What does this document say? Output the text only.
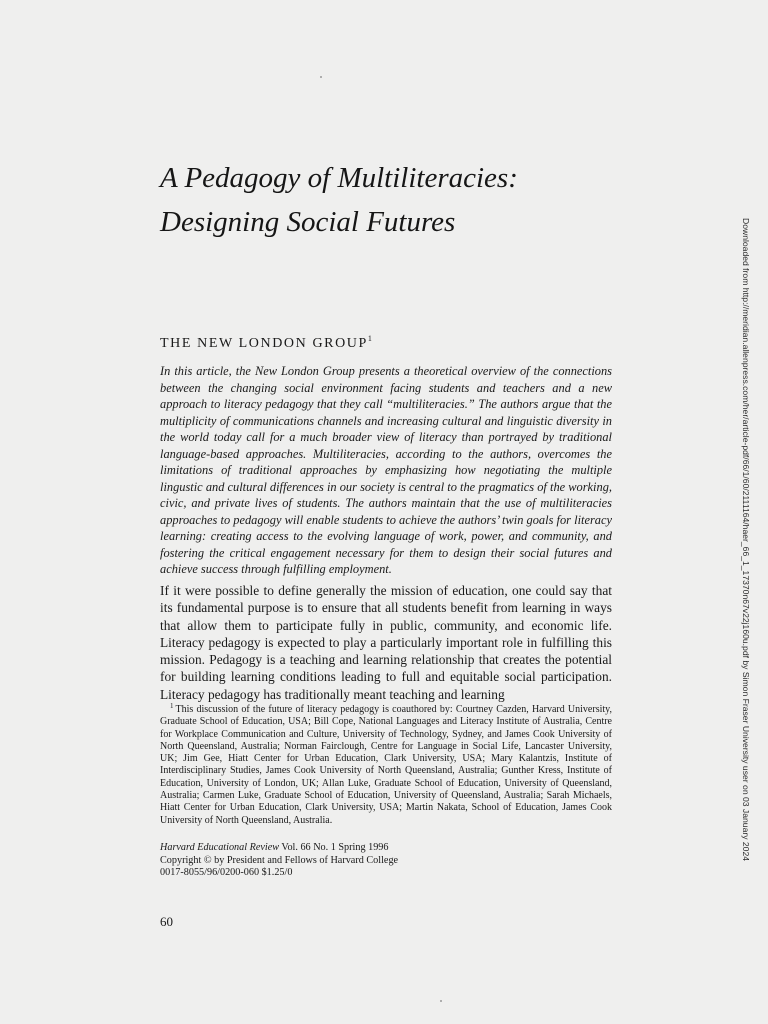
A Pedagogy of Multiliteracies:
Designing Social Futures
THE NEW LONDON GROUP$^1$
In this article, the New London Group presents a theoretical overview of the connections between the changing social environment facing students and teachers and a new approach to literacy pedagogy that they call “multiliteracies.” The authors argue that the multiplicity of communications channels and increasing cultural and linguistic diversity in the world today call for a much broader view of literacy than portrayed by traditional language-based approaches. Multiliteracies, according to the authors, overcomes the limitations of traditional approaches by emphasizing how negotiating the multiple lingustic and cultural differences in our society is central to the pragmatics of the working, civic, and private lives of students. The authors maintain that the use of multiliteracies approaches to pedagogy will enable students to achieve the authors’ twin goals for literacy learning: creating access to the evolving language of work, power, and community, and fostering the critical engagement necessary for them to design their social futures and achieve success through fulfilling employment.
If it were possible to define generally the mission of education, one could say that its fundamental purpose is to ensure that all students benefit from learning in ways that allow them to participate fully in public, community, and economic life. Literacy pedagogy is expected to play a particularly important role in fulfilling this mission. Pedagogy is a teaching and learning relationship that creates the potential for building learning conditions leading to full and equitable social participation. Literacy pedagogy has traditionally meant teaching and learning
$^1$ This discussion of the future of literacy pedagogy is coauthored by: Courtney Cazden, Harvard University, Graduate School of Education, USA; Bill Cope, National Languages and Literacy Institute of Australia, Centre for Workplace Communication and Culture, University of Technology, Sydney, and James Cook University of North Queensland, Australia; Norman Fairclough, Centre for Language in Social Life, Lancaster University, UK; Jim Gee, Hiatt Center for Urban Education, Clark University, USA; Mary Kalantzis, Institute of Interdisciplinary Studies, James Cook University of North Queensland, Australia; Gunther Kress, Institute of Education, University of London, UK; Allan Luke, Graduate School of Education, University of Queensland, Australia; Carmen Luke, Graduate School of Education, University of Queensland, Australia; Sarah Michaels, Hiatt Center for Urban Education, Clark University, USA; Martin Nakata, School of Education, James Cook University of North Queensland, Australia.
Harvard Educational Review Vol. 66 No. 1 Spring 1996
Copyright © by President and Fellows of Harvard College
0017-8055/96/0200-060 $1.25/0
60
Downloaded from http://meridian.allenpress.com/her/article-pdf/66/1/60/2111164/haer_66_1_17370n67v22j160u.pdf by Simon Fraser University user on 03 January 2024
